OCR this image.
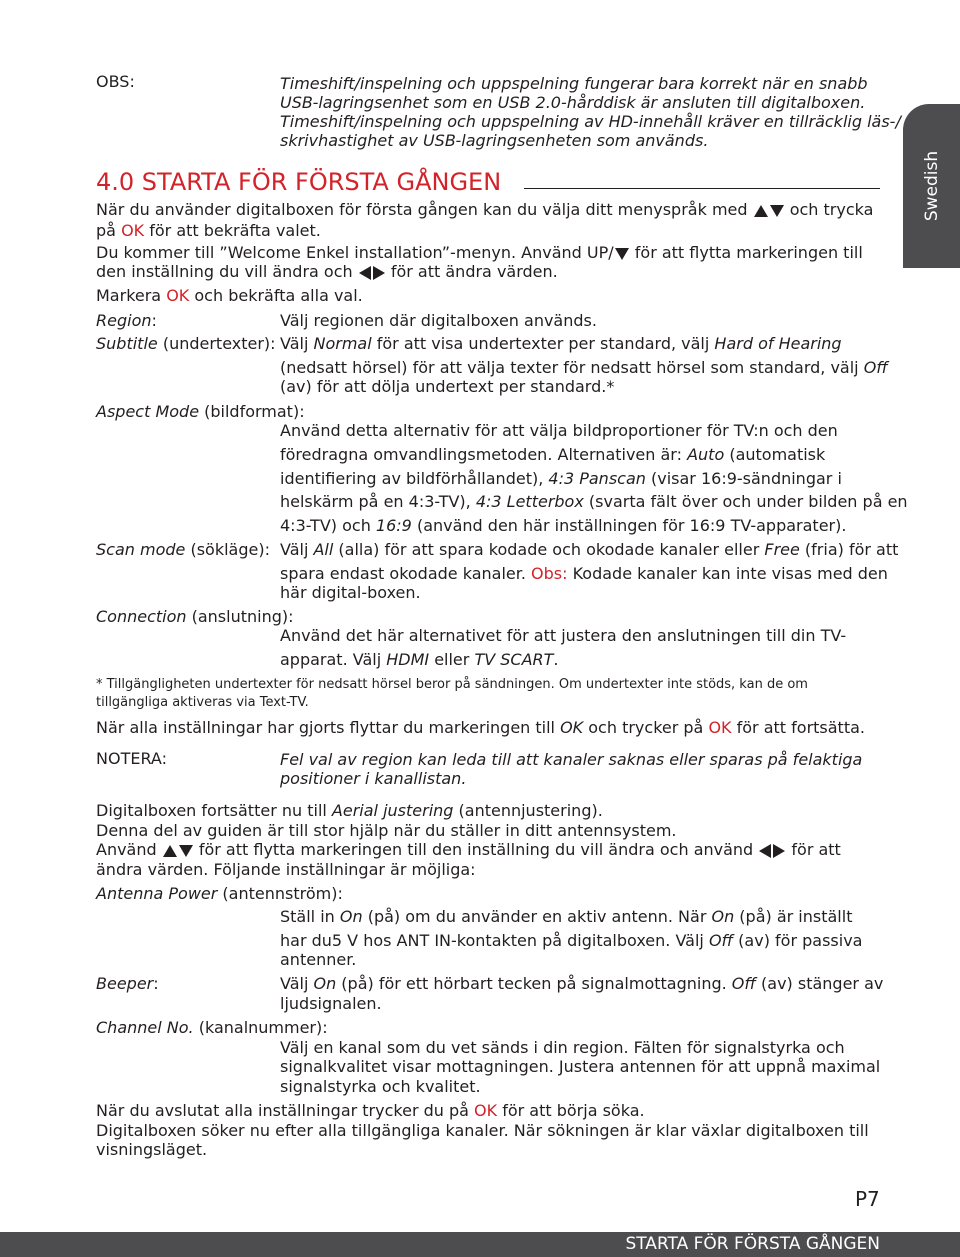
Swedish

OBS:	Timeshift/inspelning och uppspelning fungerar bara korrekt när en snabb

USB-lagringsenhet som en USB 2.0-hårddisk är ansluten till digitalboxen.

Timeshift/inspelning och uppspelning av HD-innehåll kräver en tillräcklig läs-/

skrivhastighet av USB-lagringsenheten som används.

4.0 STARTA FÖR FÖRSTA GÅNGEN

När du använder digitalboxen för första gången kan du välja ditt menyspråk med	och trycka

på OK för att bekräfta valet.

Du kommer till ”Welcome Enkel installation”-menyn. Använd UP/ för att flytta markeringen till

den inställning du vill ändra och för att ändra värden.

Markera OK och bekräfta alla val.

Region:	Välj regionen där digitalboxen används.

Subtitle (undertexter): Välj Normal för att visa undertexter per standard, välj Hard of Hearing

(nedsatt hörsel) för att välja texter för nedsatt hörsel som standard, välj Off

(av) för att dölja undertext per standard.*

Aspect Mode (bildformat):

Använd detta alternativ för att välja bildproportioner för TV:n och den

föredragna omvandlingsmetoden. Alternativen är: Auto (automatisk

identifiering av bildförhållandet), 4:3 Panscan (visar 16:9-sändningar i

helskärm på en 4:3-TV), 4:3 Letterbox (svarta fält över och under bilden på en

4:3-TV) och 16:9 (använd den här inställningen för 16:9 TV-apparater).

Scan mode (sökläge): Välj All (alla) för att spara kodade och okodade kanaler eller Free (fria) för att

spara endast okodade kanaler. Obs: Kodade kanaler kan inte visas med den

här digital-boxen.

Connection (anslutning):

Använd det här alternativet för att justera den anslutningen till din TV-

apparat. Välj HDMI eller TV SCART.

* Tillgängligheten undertexter för nedsatt hörsel beror på sändningen. Om undertexter inte stöds, kan de om

tillgängliga aktiveras via Text-TV.

När alla inställningar har gjorts flyttar du markeringen till OK och trycker på OK för att fortsätta.

NOTERA:	Fel val av region kan leda till att kanaler saknas eller sparas på felaktiga

positioner i kanallistan.

Digitalboxen fortsätter nu till Aerial justering (antennjustering).

Denna del av guiden är till stor hjälp när du ställer in ditt antennsystem.

Använd	för att flytta markeringen till den inställning du vill ändra och använd för att

ändra värden. Följande inställningar är möjliga:

Antenna Power (antennström):

Ställ in On (på) om du använder en aktiv antenn. När On (på) är inställt

har du5 V hos ANT IN-kontakten på digitalboxen. Välj Off (av) för passiva

antenner.

Beeper:	Välj On (på) för ett hörbart tecken på signalmottagning. Off (av) stänger av

ljudsignalen.

Channel No. (kanalnummer):

Välj en kanal som du vet sänds i din region. Fälten för signalstyrka och

signalkvalitet visar mottagningen. Justera antennen för att uppnå maximal

signalstyrka och kvalitet.

När du avslutat alla inställningar trycker du på OK för att börja söka.

Digitalboxen söker nu efter alla tillgängliga kanaler. När sökningen är klar växlar digitalboxen till

visningsläget.

P7

STARTA FÖR FÖRSTA GÅNGEN
